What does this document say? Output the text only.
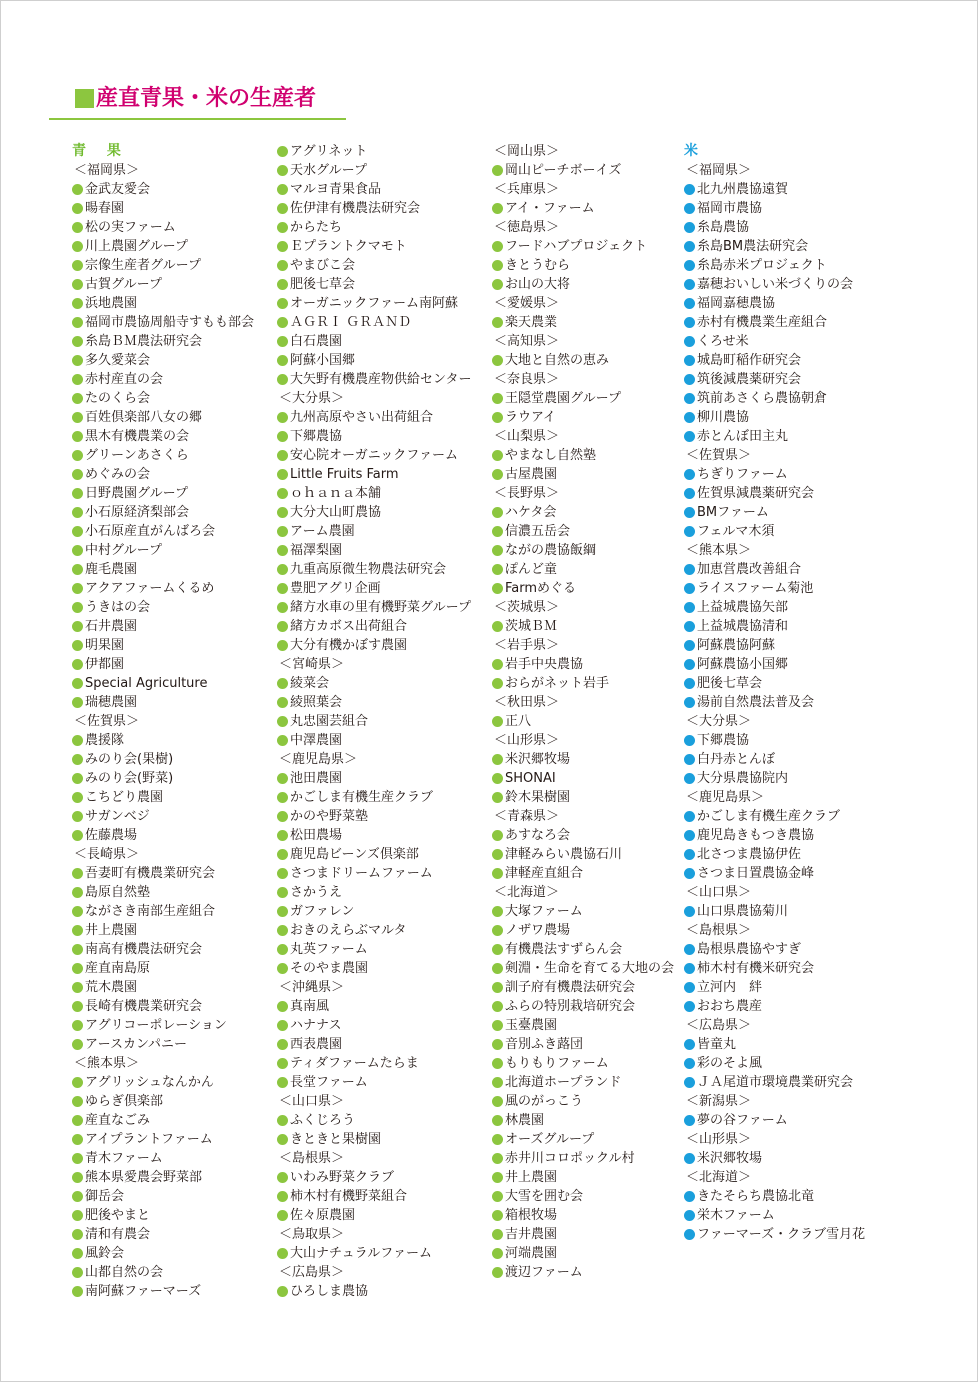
産直青果・米の生産者
青 果
＜福岡県＞
金武友愛会
暘春園
松の実ファーム
川上農園グループ
宗像生産者グループ
古賀グループ
浜地農園
福岡市農協周船寺すもも部会
糸島ＢＭ農法研究会
多久愛菜会
赤村産直の会
たのくら会
百姓倶楽部八女の郷
黒木有機農業の会
グリーンあさくら
めぐみの会
日野農園グループ
小石原経済梨部会
小石原産直がんばろ会
中村グループ
鹿毛農園
アクアファームくるめ
うきはの会
石井農園
明果園
伊都園
Special Agriculture
瑞穂農園
＜佐賀県＞
農援隊
みのり会(果樹)
みのり会(野菜)
こちどり農園
サガンベジ
佐藤農場
＜長崎県＞
吾妻町有機農業研究会
島原自然塾
ながさき南部生産組合
井上農園
南高有機農法研究会
産直南島原
荒木農園
長崎有機農業研究会
アグリコーポレーション
アースカンパニー
＜熊本県＞
アグリッシュなんかん
ゆらぎ倶楽部
産直なごみ
アイプラントファーム
青木ファーム
熊本県愛農会野菜部
御岳会
肥後やまと
清和有農会
風鈴会
山都自然の会
南阿蘇ファーマーズ
アグリネット
天水グループ
マルヨ青果食品
佐伊津有機農法研究会
からたち
Ｅプラントクマモト
やまびこ会
肥後七草会
オーガニックファーム南阿蘇
ＡＧＲＩ ＧＲＡＮＤ
白石農園
阿蘇小国郷
大矢野有機農産物供給センター
＜大分県＞
九州高原やさい出荷組合
下郷農協
安心院オーガニックファーム
Little Fruits Farm
ｏｈａｎａ本舗
大分大山町農協
アーム農園
福澤梨園
九重高原微生物農法研究会
豊肥アグリ企画
緒方水車の里有機野菜グループ
緒方カボス出荷組合
大分有機かぼす農園
＜宮崎県＞
綾菜会
綾照葉会
丸忠園芸組合
中澤農園
＜鹿児島県＞
池田農園
かごしま有機生産クラブ
かのや野菜塾
松田農場
鹿児島ビーンズ倶楽部
さつまドリームファーム
さかうえ
ガファレン
おきのえらぶマルタ
丸英ファーム
そのやま農園
＜沖縄県＞
真南風
ハナナス
西表農園
ティダファームたらま
長堂ファーム
＜山口県＞
ふくじろう
きときと果樹園
＜島根県＞
いわみ野菜クラブ
柿木村有機野菜組合
佐々原農園
＜鳥取県＞
大山ナチュラルファーム
＜広島県＞
ひろしま農協
＜岡山県＞
岡山ピーチボーイズ
＜兵庫県＞
アイ・ファーム
＜徳島県＞
フードハブプロジェクト
きとうむら
お山の大将
＜愛媛県＞
楽天農業
＜高知県＞
大地と自然の恵み
＜奈良県＞
王隠堂農園グループ
ラウアイ
＜山梨県＞
やまなし自然塾
古屋農園
＜長野県＞
ハケタ会
信濃五岳会
ながの農協飯綱
ぽんど童
Farmめぐる
＜茨城県＞
茨城ＢＭ
＜岩手県＞
岩手中央農協
おらがネット岩手
＜秋田県＞
正八
＜山形県＞
米沢郷牧場
SHONAI
鈴木果樹園
＜青森県＞
あすなろ会
津軽みらい農協石川
津軽産直組合
＜北海道＞
大塚ファーム
ノザワ農場
有機農法すずらん会
剣淵・生命を育てる大地の会
訓子府有機農法研究会
ふらの特別栽培研究会
玉臺農園
音別ふき蕗団
もりもりファーム
北海道ホープランド
風のがっこう
林農園
オーズグループ
赤井川コロポックル村
井上農園
大雪を囲む会
箱根牧場
吉井農園
河端農園
渡辺ファーム
米
＜福岡県＞
北九州農協遠賀
福岡市農協
糸島農協
糸島BM農法研究会
糸島赤米プロジェクト
嘉穂おいしい米づくりの会
福岡嘉穂農協
赤村有機農業生産組合
くろせ米
城島町稲作研究会
筑後減農薬研究会
筑前あさくら農協朝倉
柳川農協
赤とんぼ田主丸
＜佐賀県＞
ちぎりファーム
佐賀県減農薬研究会
BMファーム
フェルマ木須
＜熊本県＞
加恵営農改善組合
ライスファーム菊池
上益城農協矢部
上益城農協清和
阿蘇農協阿蘇
阿蘇農協小国郷
肥後七草会
湯前自然農法普及会
＜大分県＞
下郷農協
白丹赤とんぼ
大分県農協院内
＜鹿児島県＞
かごしま有機生産クラブ
鹿児島きもつき農協
北さつま農協伊佐
さつま日置農協金峰
＜山口県＞
山口県農協菊川
＜島根県＞
島根県農協やすぎ
柿木村有機米研究会
立河内　絆
おおち農産
＜広島県＞
皆童丸
彩のそよ風
ＪＡ尾道市環境農業研究会
＜新潟県＞
夢の谷ファーム
＜山形県＞
米沢郷牧場
＜北海道＞
きたそらち農協北竜
栄木ファーム
ファーマーズ・クラブ雪月花
